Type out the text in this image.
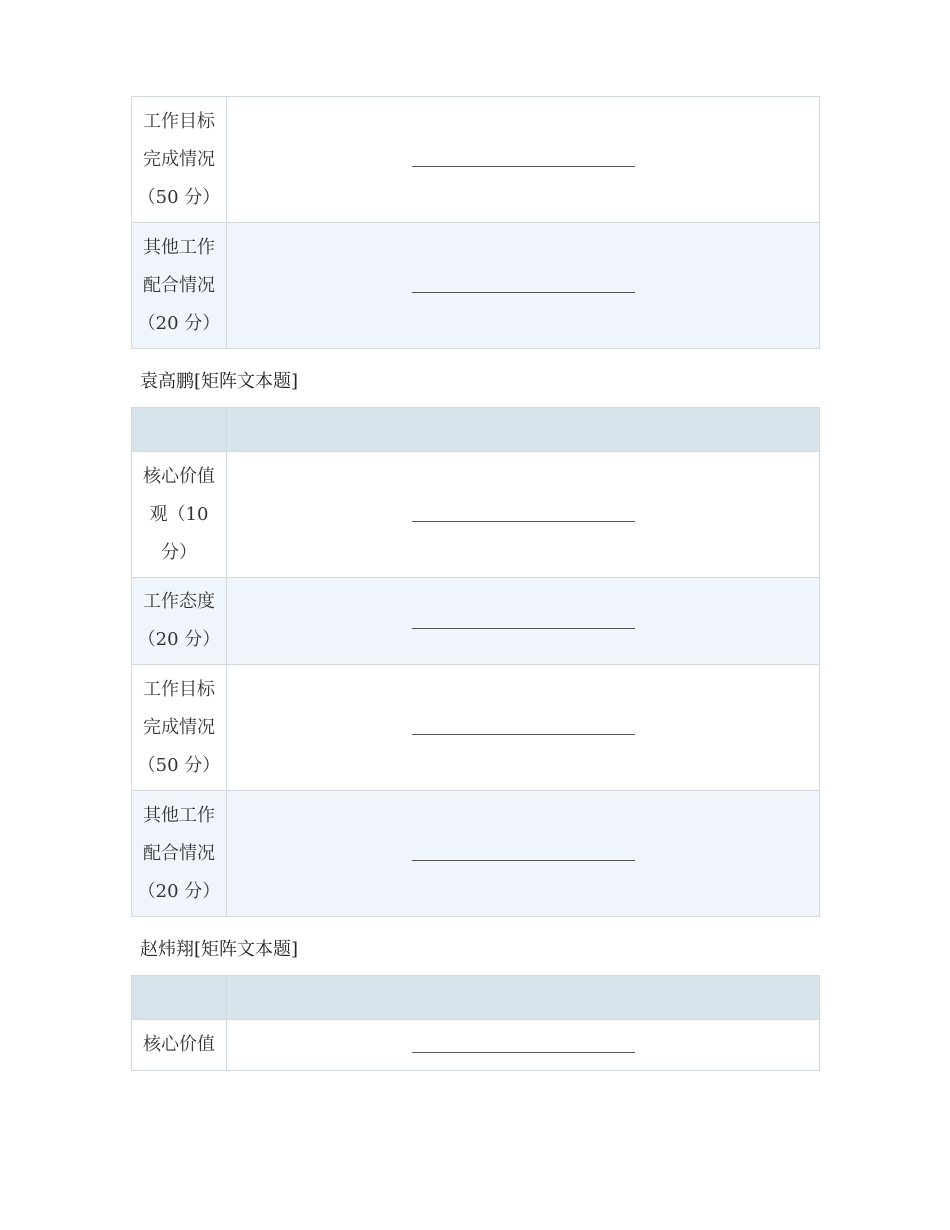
工作目标
完成情况
（50 分）	

其他工作
配合情况
（20 分）	

袁高鹏[矩阵文本题]

核心价值
观（10
分）	

工作态度
（20 分）	

工作目标
完成情况
（50 分）	

其他工作
配合情况
（20 分）	

赵炜翔[矩阵文本题]

核心价值	
